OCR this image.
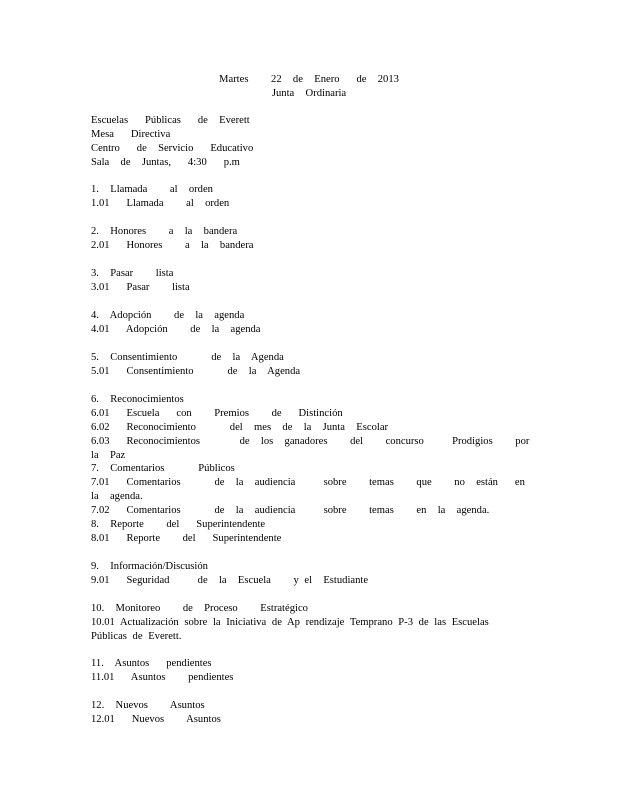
Martes    22  de  Enero   de  2013
Junta  Ordinaria
Escuelas   Públicas   de  Everett
Mesa   Directiva
Centro   de  Servicio   Educativo
Sala  de  Juntas,   4:30   p.m
1.  Llamada    al  orden
1.01   Llamada    al  orden
2.  Honores    a  la  bandera
2.01   Honores    a  la  bandera
3.  Pasar    lista
3.01   Pasar    lista
4.  Adopción    de  la  agenda
4.01   Adopción    de  la  agenda
5.  Consentimiento      de  la  Agenda
5.01   Consentimiento      de  la  Agenda
6.  Reconocimientos
6.01   Escuela   con    Premios    de   Distinción
6.02   Reconocimiento      del  mes  de  la  Junta  Escolar
6.03   Reconocimientos       de  los  ganadores    del    concurso     Prodigios    por  la  Paz
7.  Comentarios      Públicos
7.01   Comentarios      de  la  audiencia     sobre    temas    que    no  están   en  la  agenda.
7.02   Comentarios      de  la  audiencia     sobre    temas    en  la  agenda.
8.  Reporte    del   Superintendente
8.01   Reporte    del   Superintendente
9.  Información/Discusión
9.01   Seguridad     de  la  Escuela    y el  Estudiante
10.  Monitoreo    de  Proceso    Estratégico
10.01 Actualización sobre la Iniciativa de Ap rendizaje Temprano P-3 de las Escuelas Públicas de Everett.
11.  Asuntos   pendientes
11.01   Asuntos    pendientes
12.  Nuevos    Asuntos
12.01   Nuevos    Asuntos
